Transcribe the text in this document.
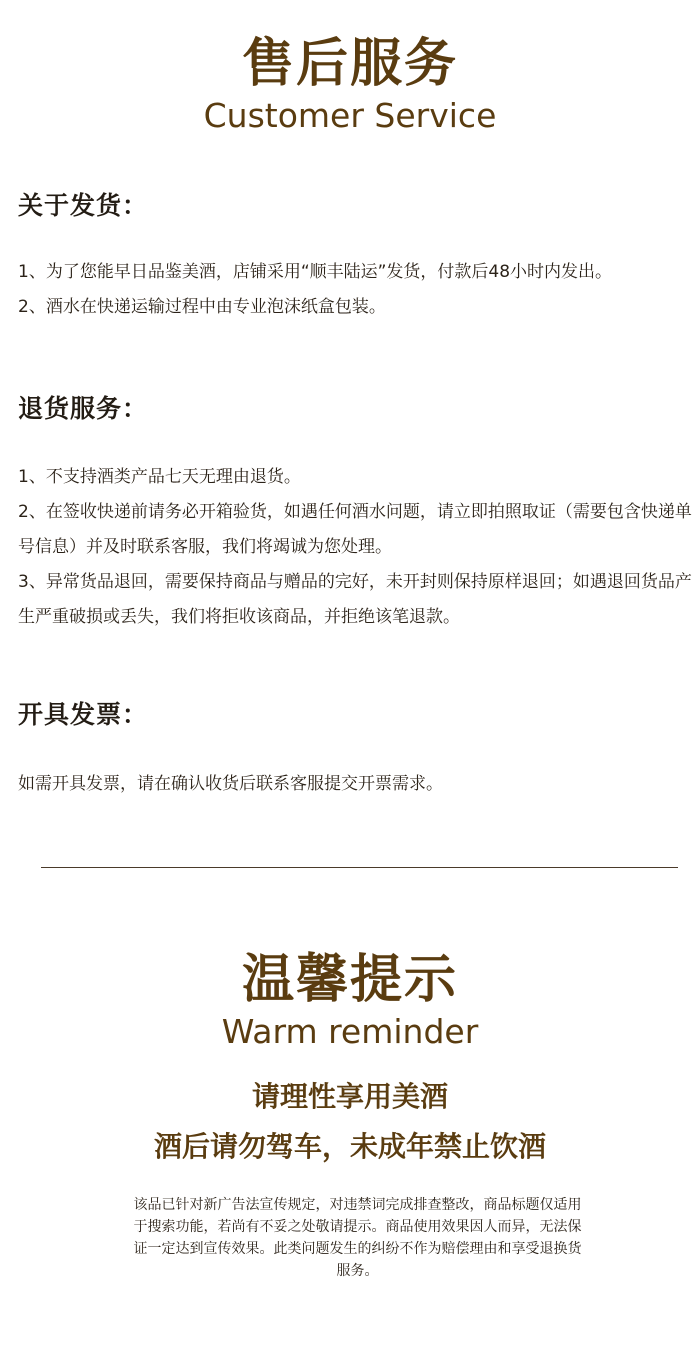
售后服务
Customer Service
关于发货：
1、为了您能早日品鉴美酒，店铺采用“顺丰陆运”发货，付款后48小时内发出。
2、酒水在快递运输过程中由专业泡沫纸盒包装。
退货服务：
1、不支持酒类产品七天无理由退货。
2、在签收快递前请务必开箱验货，如遇任何酒水问题，请立即拍照取证（需要包含快递单号信息）并及时联系客服，我们将竭诚为您处理。
3、异常货品退回，需要保持商品与赠品的完好，未开封则保持原样退回；如遇退回货品产生严重破损或丢失，我们将拒收该商品，并拒绝该笔退款。
开具发票：
如需开具发票，请在确认收货后联系客服提交开票需求。
温馨提示
Warm reminder
请理性享用美酒
酒后请勿驾车，未成年禁止饮酒
该品已针对新广告法宣传规定，对违禁词完成排查整改，商品标题仅适用于搜索功能，若尚有不妥之处敬请提示。商品使用效果因人而异，无法保证一定达到宣传效果。此类问题发生的纠纷不作为赔偿理由和享受退换货服务。
